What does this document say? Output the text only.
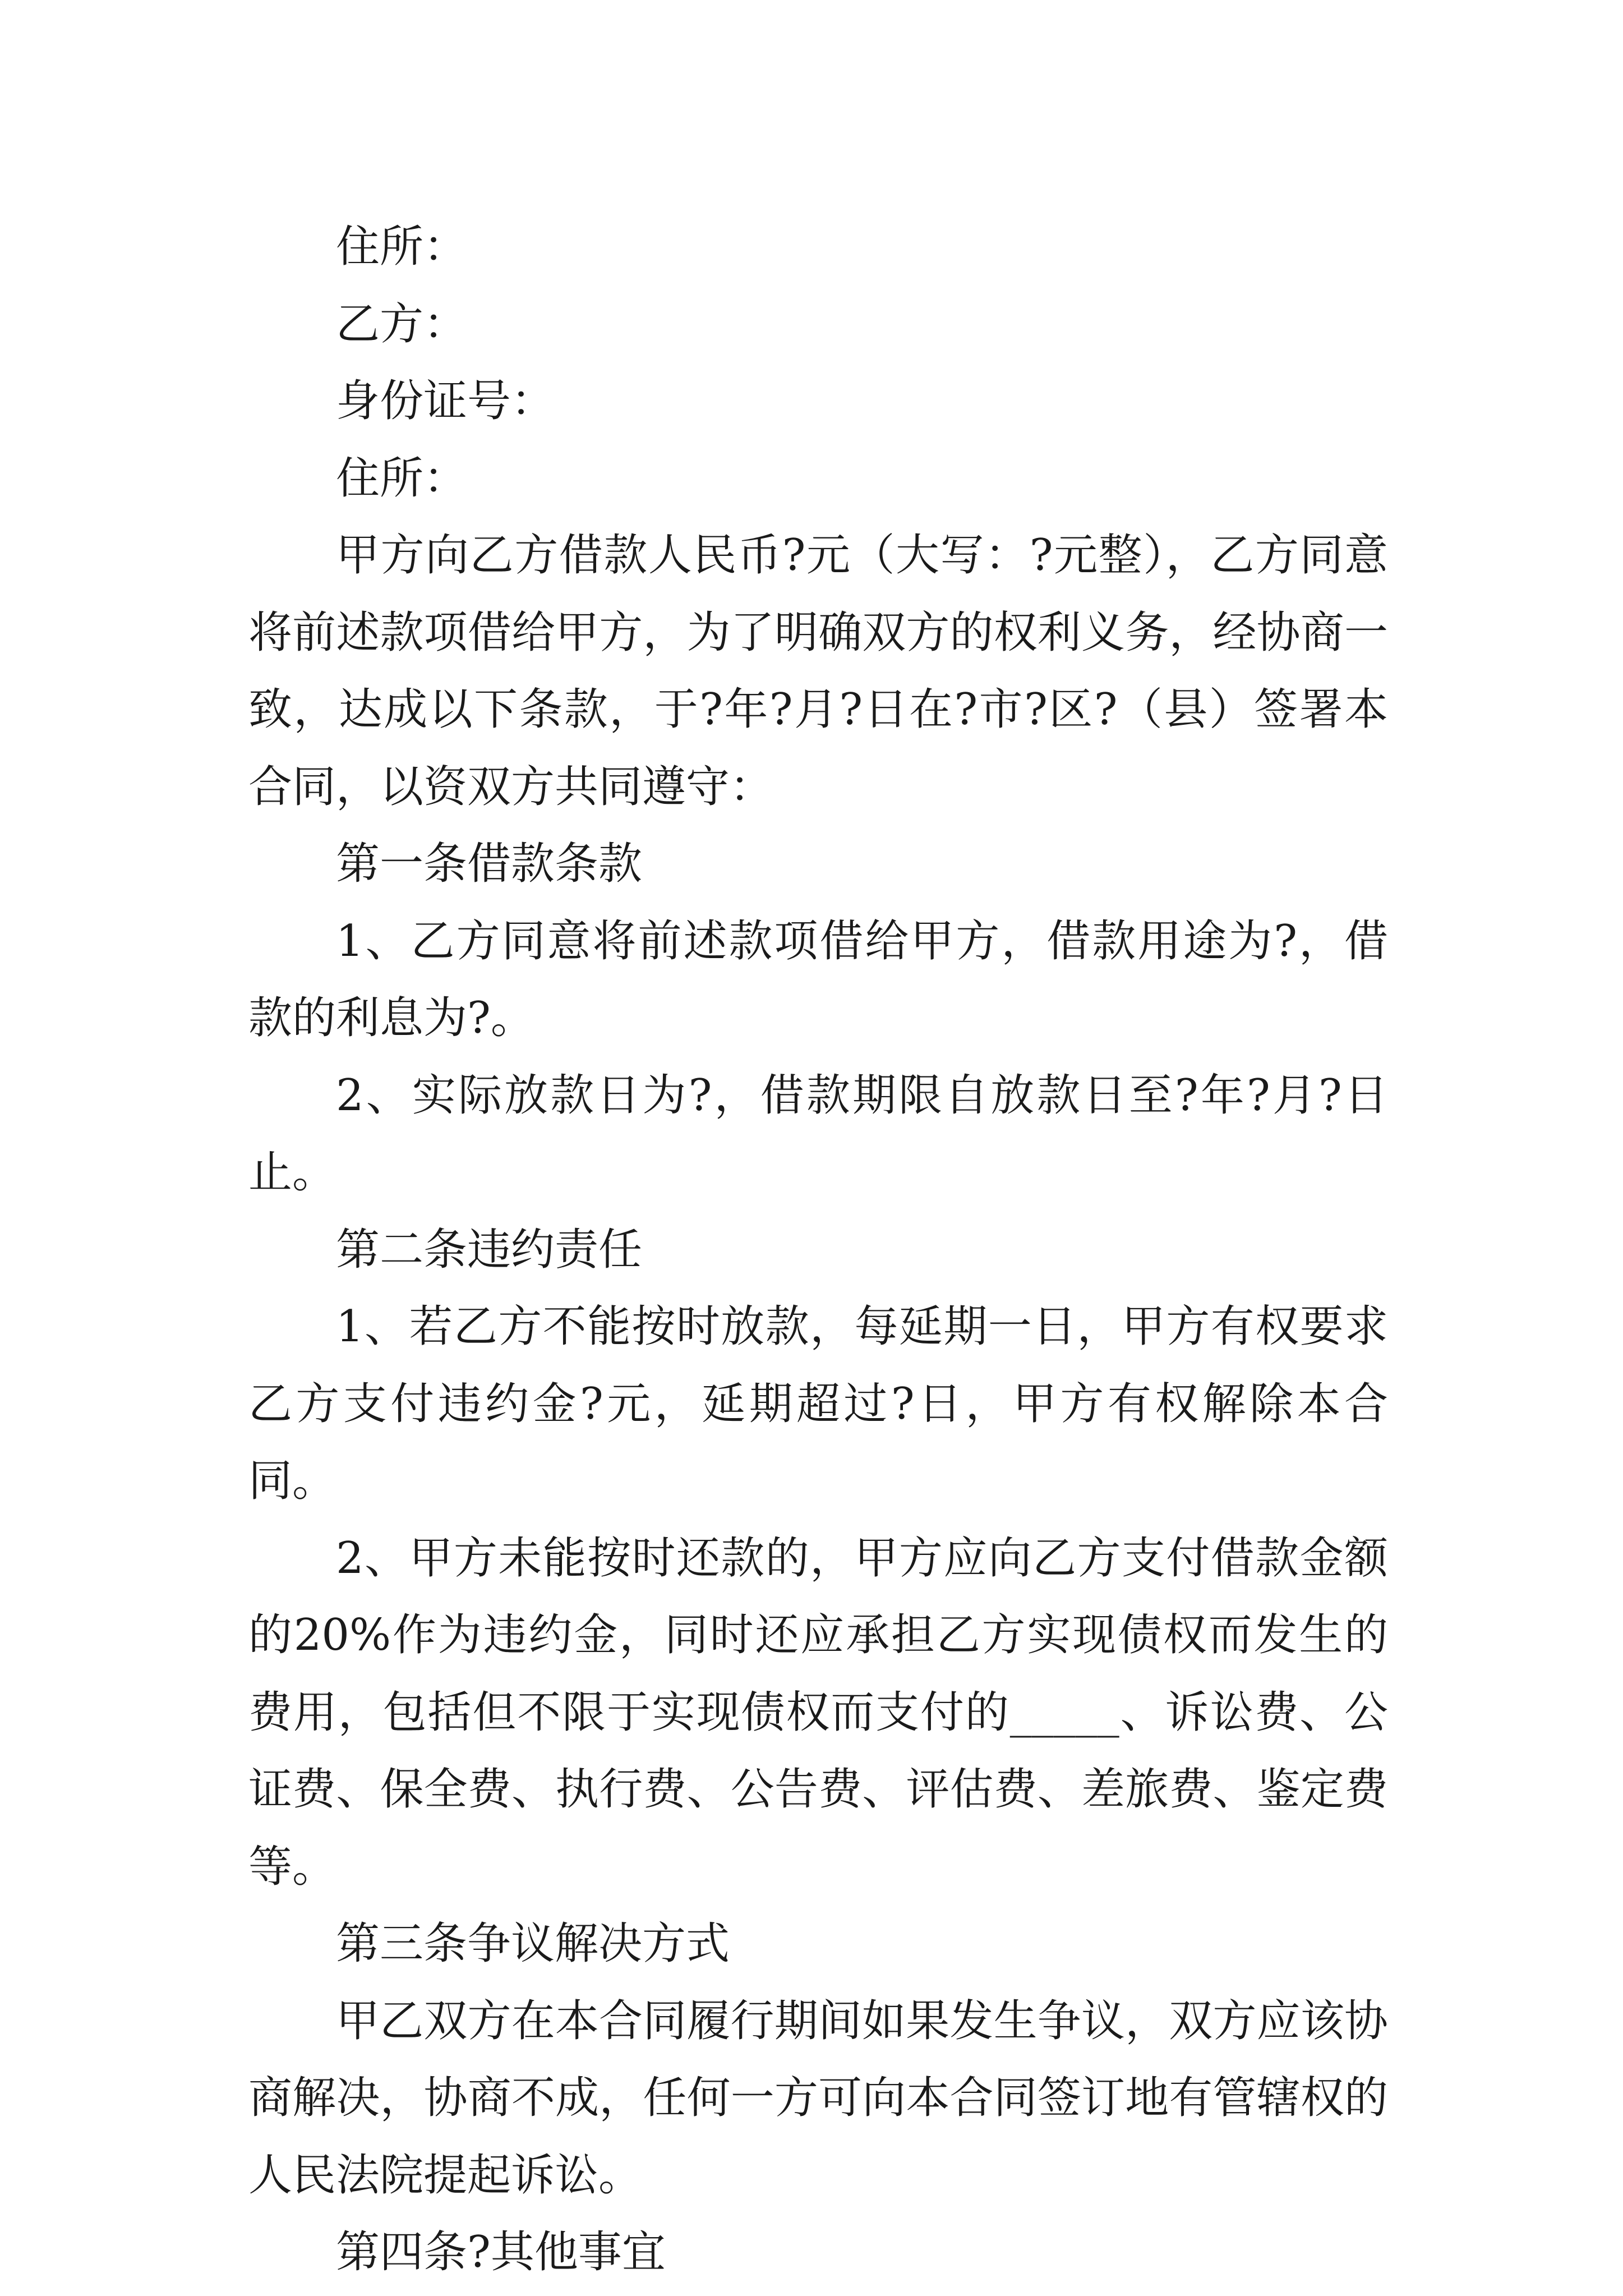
住所：

乙方：

身份证号：

住所：

甲方向乙方借款人民币?元（大写：?元整），乙方同意将前述款项借给甲方，为了明确双方的权利义务，经协商一致，达成以下条款，于?年?月?日在?市?区?（县）签署本合同，以资双方共同遵守：

第一条借款条款

1、乙方同意将前述款项借给甲方，借款用途为?，借款的利息为?。

2、实际放款日为?，借款期限自放款日至?年?月?日止。

第二条违约责任

1、若乙方不能按时放款，每延期一日，甲方有权要求乙方支付违约金?元，延期超过?日，甲方有权解除本合同。

2、甲方未能按时还款的，甲方应向乙方支付借款金额的20%作为违约金，同时还应承担乙方实现债权而发生的费用，包括但不限于实现债权而支付的_____、诉讼费、公证费、保全费、执行费、公告费、评估费、差旅费、鉴定费等。

第三条争议解决方式

甲乙双方在本合同履行期间如果发生争议，双方应该协商解决，协商不成，任何一方可向本合同签订地有管辖权的人民法院提起诉讼。

第四条?其他事宜
